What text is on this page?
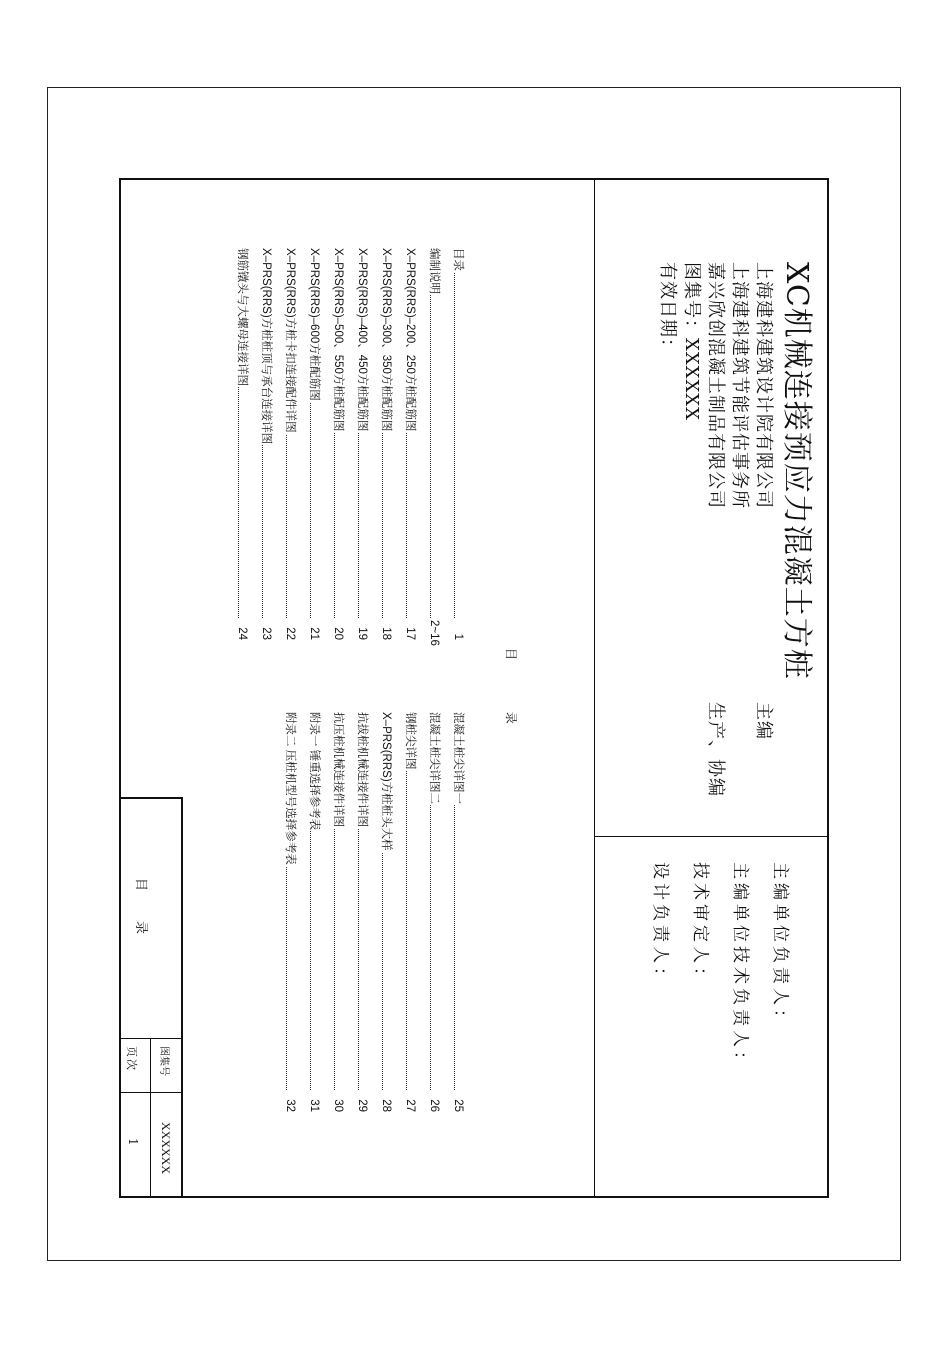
XC机械连接预应力混凝土方桩
上海建科建筑设计院有限公司
主编
上海建科建筑节能评估事务所
嘉兴欣创混凝土制品有限公司
生产、协编
图集号：XXXXXX
有效日期：
主编单位负责人：
主编单位技术负责人：
技术审定人：
设计负责人：
目 录
目录
1
编制说明
2~16
X–PRS(RRS)–200、250方桩配筋图
17
X–PRS(RRS)–300、350方桩配筋图
18
X–PRS(RRS)–400、450方桩配筋图
19
X–PRS(RRS)–500、550方桩配筋图
20
X–PRS(RRS)–600方桩配筋图
21
X–PRS(RRS)方桩卡扣连接配件详图
22
X–PRS(RRS)方桩桩顶与承台连接详图
23
钢筋镦头与大螺母连接详图
24
混凝土桩尖详图一
25
混凝土桩尖详图二
26
钢桩尖详图
27
X–PRS(RRS)方桩桩头大样
28
抗拔桩机械连接件详图
29
抗压桩机械连接件详图
30
附录一 锤重选择参考表
31
附录二 压桩机型号选择参考表
32
目录
图集号
XXXXXX
页次
1
